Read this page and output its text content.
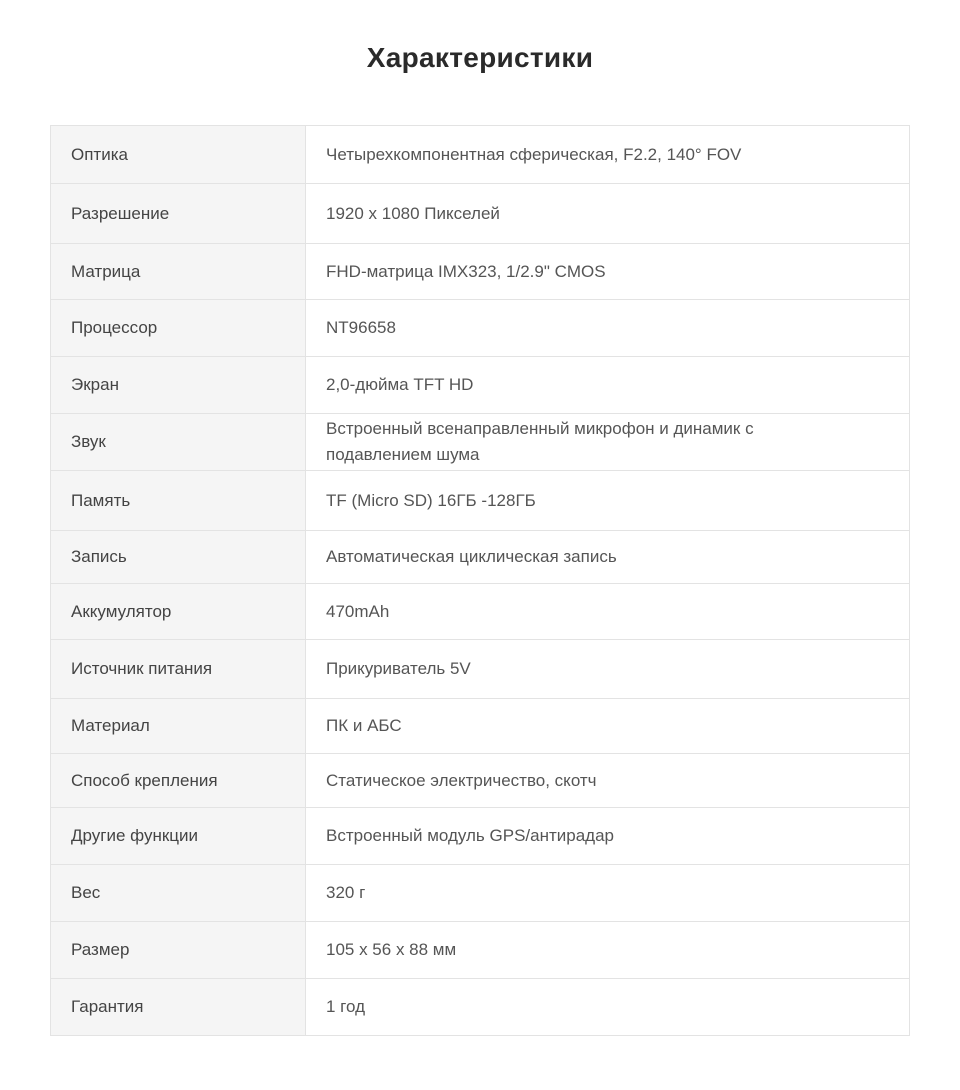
Характеристики
Оптика	Четырехкомпонентная сферическая, F2.2, 140° FOV
Разрешение	1920 x 1080 Пикселей
Матрица	FHD-матрица IMX323, 1/2.9" CMOS
Процессор	NT96658
Экран	2,0-дюйма TFT HD
Звук	Встроенный всенаправленный микрофон и динамик с подавлением шума
Память	TF (Micro SD) 16ГБ -128ГБ
Запись	Автоматическая циклическая запись
Аккумулятор	470mAh
Источник питания	Прикуриватель 5V
Материал	ПК и АБС
Способ крепления	Статическое электричество, скотч
Другие функции	Встроенный модуль GPS/антирадар
Вес	320 г
Размер	105 x 56 x 88 мм
Гарантия	1 год
